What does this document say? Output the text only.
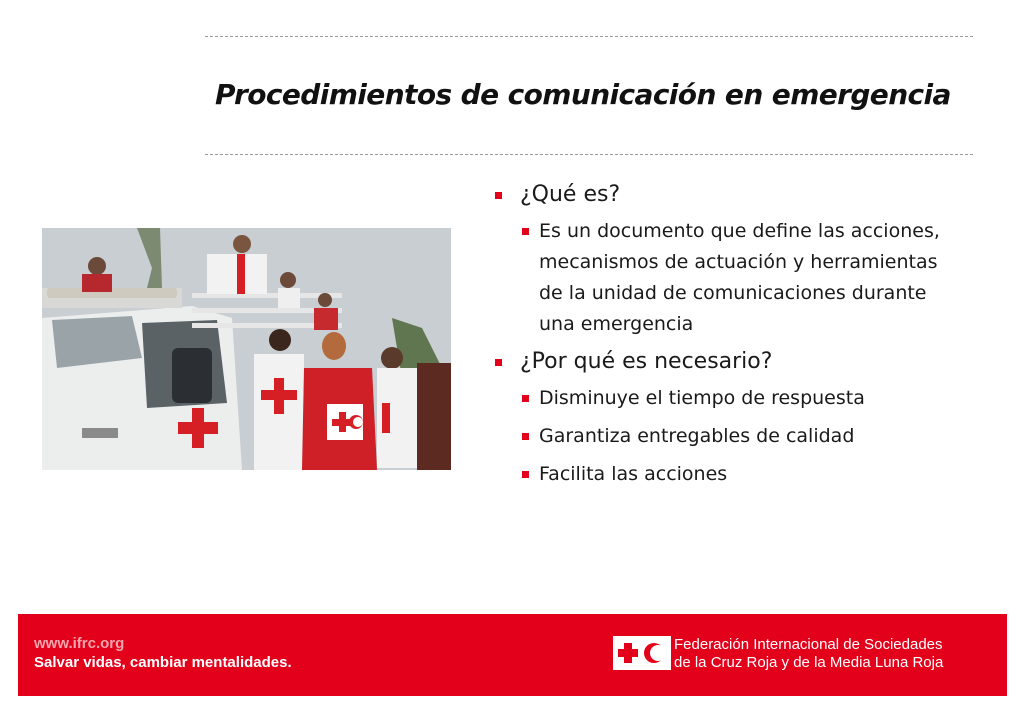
Procedimientos de comunicación en emergencia
¿Qué es?
Es un documento que define las acciones, mecanismos de actuación y herramientas de la unidad de comunicaciones durante una emergencia
¿Por qué es necesario?
Disminuye el tiempo de respuesta
Garantiza entregables de calidad
Facilita las acciones
www.ifrc.org
Salvar vidas, cambiar mentalidades.
Federación Internacional de Sociedades
de la Cruz Roja y de la Media Luna Roja
